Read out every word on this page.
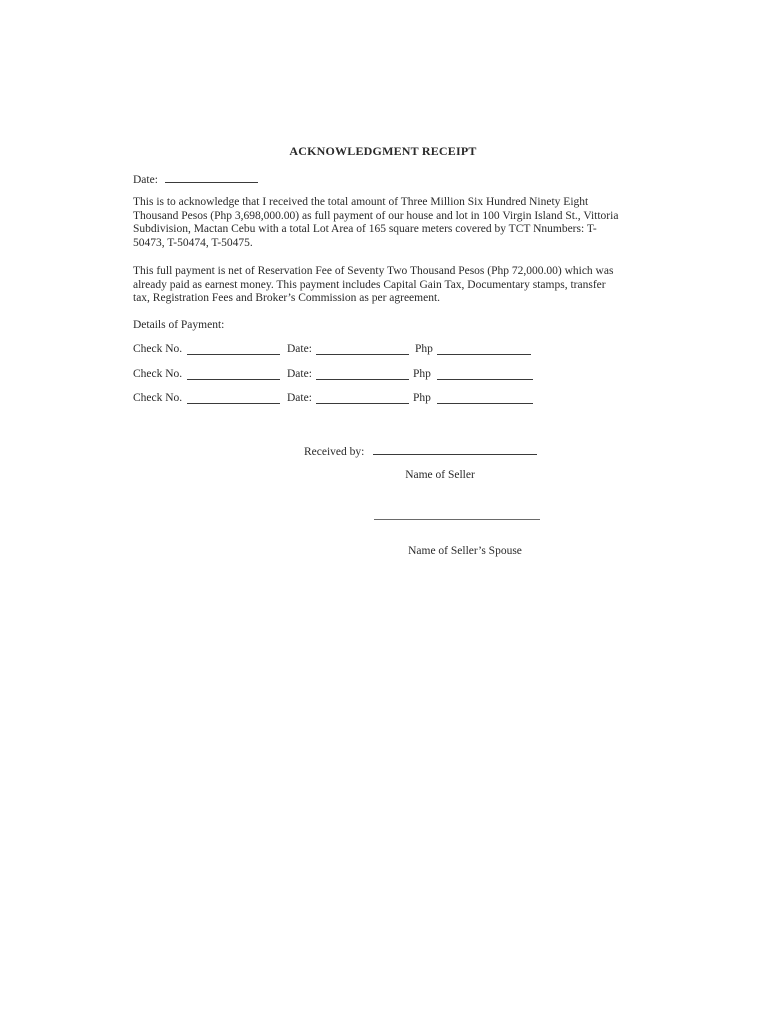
ACKNOWLEDGMENT RECEIPT
Date:
This is to acknowledge that I received the total amount of Three Million Six Hundred Ninety Eight
Thousand Pesos (Php 3,698,000.00) as full payment of our house and lot in 100 Virgin Island St., Vittoria
Subdivision, Mactan Cebu with a total Lot Area of 165 square meters covered by TCT Nnumbers: T-
50473, T-50474, T-50475.
This full payment is net of Reservation Fee of Seventy Two Thousand Pesos (Php 72,000.00) which was
already paid as earnest money. This payment includes Capital Gain Tax, Documentary stamps, transfer
tax, Registration Fees and Broker’s Commission as per agreement.
Details of Payment:
Check No.	Date:	Php
Check No.	Date:	Php
Check No.	Date:	Php
Received by:
Name of Seller
Name of Seller’s Spouse
